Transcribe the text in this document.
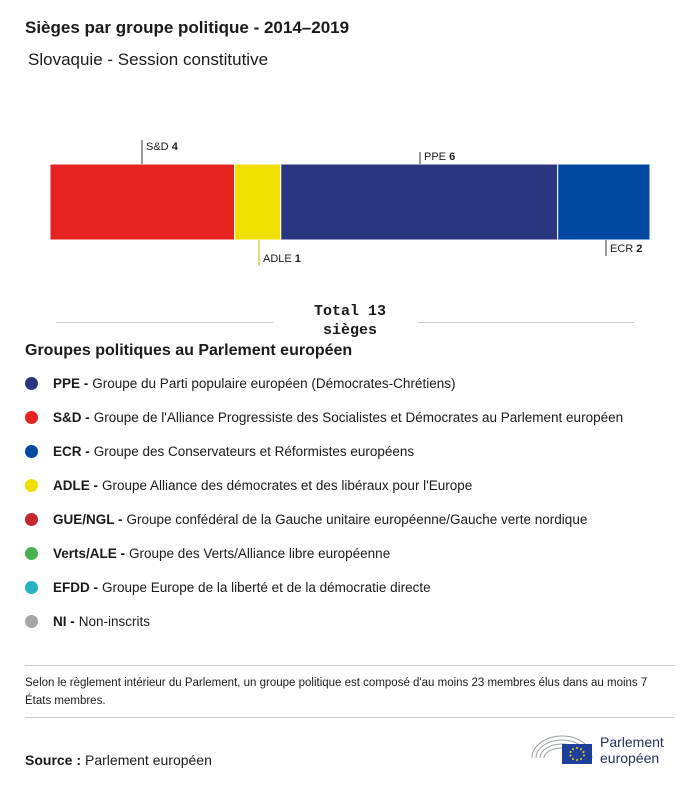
Sièges par groupe politique - 2014–2019
Slovaquie - Session constitutive
S&D 4
ADLE 1
PPE 6
ECR 2
Total 13
sièges
Groupes politiques au Parlement européen
PPE - Groupe du Parti populaire européen (Démocrates-Chrétiens)
S&D - Groupe de l'Alliance Progressiste des Socialistes et Démocrates au Parlement européen
ECR - Groupe des Conservateurs et Réformistes européens
ADLE - Groupe Alliance des démocrates et des libéraux pour l'Europe
GUE/NGL - Groupe confédéral de la Gauche unitaire européenne/Gauche verte nordique
Verts/ALE - Groupe des Verts/Alliance libre européenne
EFDD - Groupe Europe de la liberté et de la démocratie directe
NI - Non-inscrits
Selon le règlement intérieur du Parlement, un groupe politique est composé d'au moins 23 membres élus dans au moins 7 États membres.
Source : Parlement européen
Parlement
européen
